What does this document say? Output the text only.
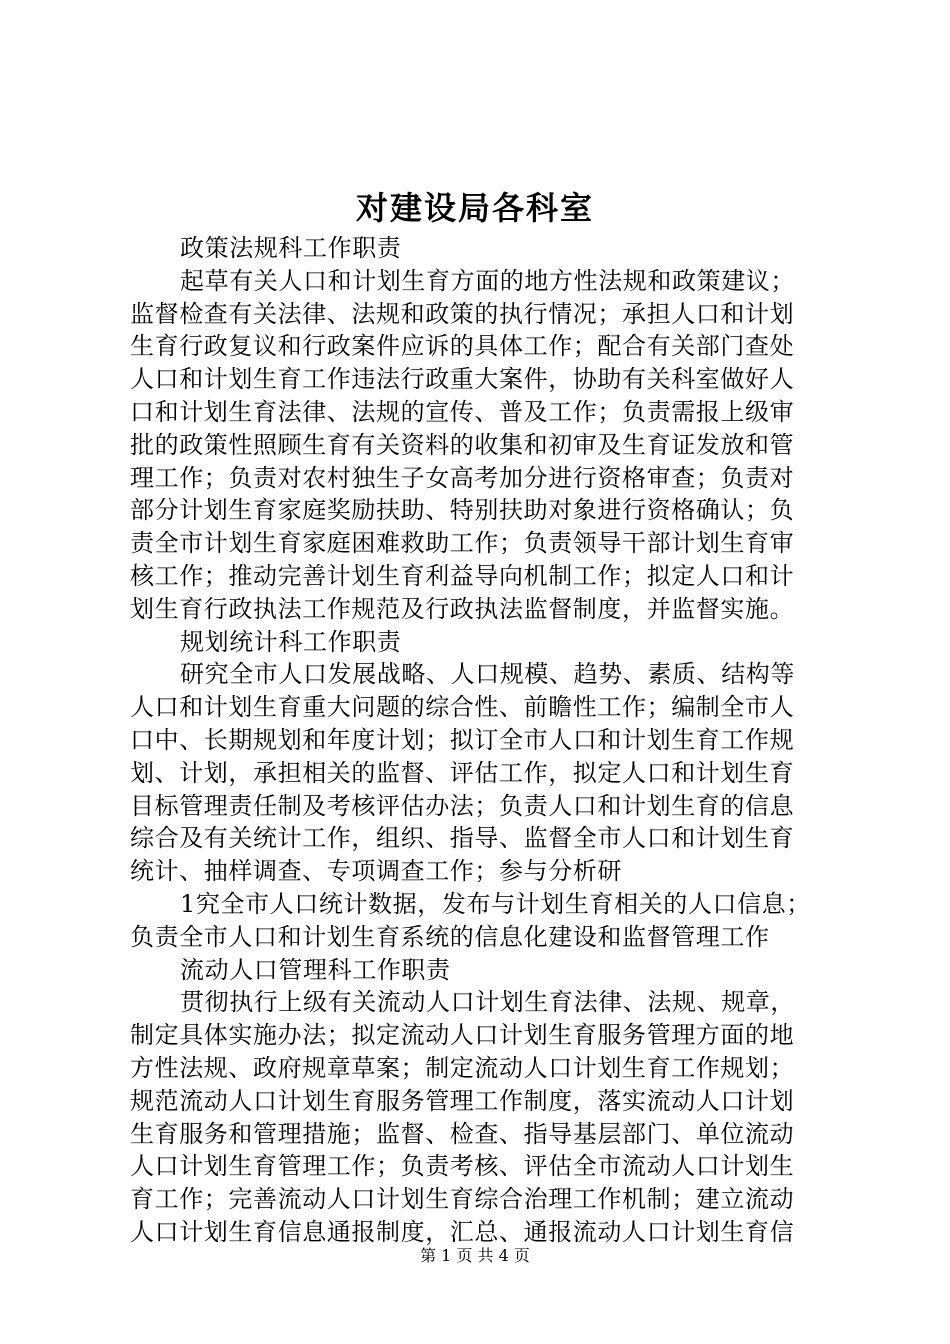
对建设局各科室
政策法规科工作职责
起草有关人口和计划生育方面的地方性法规和政策建议；
监督检查有关法律、法规和政策的执行情况；承担人口和计划
生育行政复议和行政案件应诉的具体工作；配合有关部门查处
人口和计划生育工作违法行政重大案件，协助有关科室做好人
口和计划生育法律、法规的宣传、普及工作；负责需报上级审
批的政策性照顾生育有关资料的收集和初审及生育证发放和管
理工作；负责对农村独生子女高考加分进行资格审查；负责对
部分计划生育家庭奖励扶助、特别扶助对象进行资格确认；负
责全市计划生育家庭困难救助工作；负责领导干部计划生育审
核工作；推动完善计划生育利益导向机制工作；拟定人口和计
划生育行政执法工作规范及行政执法监督制度，并监督实施。
规划统计科工作职责
研究全市人口发展战略、人口规模、趋势、素质、结构等
人口和计划生育重大问题的综合性、前瞻性工作；编制全市人
口中、长期规划和年度计划；拟订全市人口和计划生育工作规
划、计划，承担相关的监督、评估工作，拟定人口和计划生育
目标管理责任制及考核评估办法；负责人口和计划生育的信息
综合及有关统计工作，组织、指导、监督全市人口和计划生育
统计、抽样调查、专项调查工作；参与分析研
1究全市人口统计数据，发布与计划生育相关的人口信息；
负责全市人口和计划生育系统的信息化建设和监督管理工作
流动人口管理科工作职责
贯彻执行上级有关流动人口计划生育法律、法规、规章，
制定具体实施办法；拟定流动人口计划生育服务管理方面的地
方性法规、政府规章草案；制定流动人口计划生育工作规划；
规范流动人口计划生育服务管理工作制度，落实流动人口计划
生育服务和管理措施；监督、检查、指导基层部门、单位流动
人口计划生育管理工作；负责考核、评估全市流动人口计划生
育工作；完善流动人口计划生育综合治理工作机制；建立流动
人口计划生育信息通报制度，汇总、通报流动人口计划生育信
第 1 页 共 4 页
